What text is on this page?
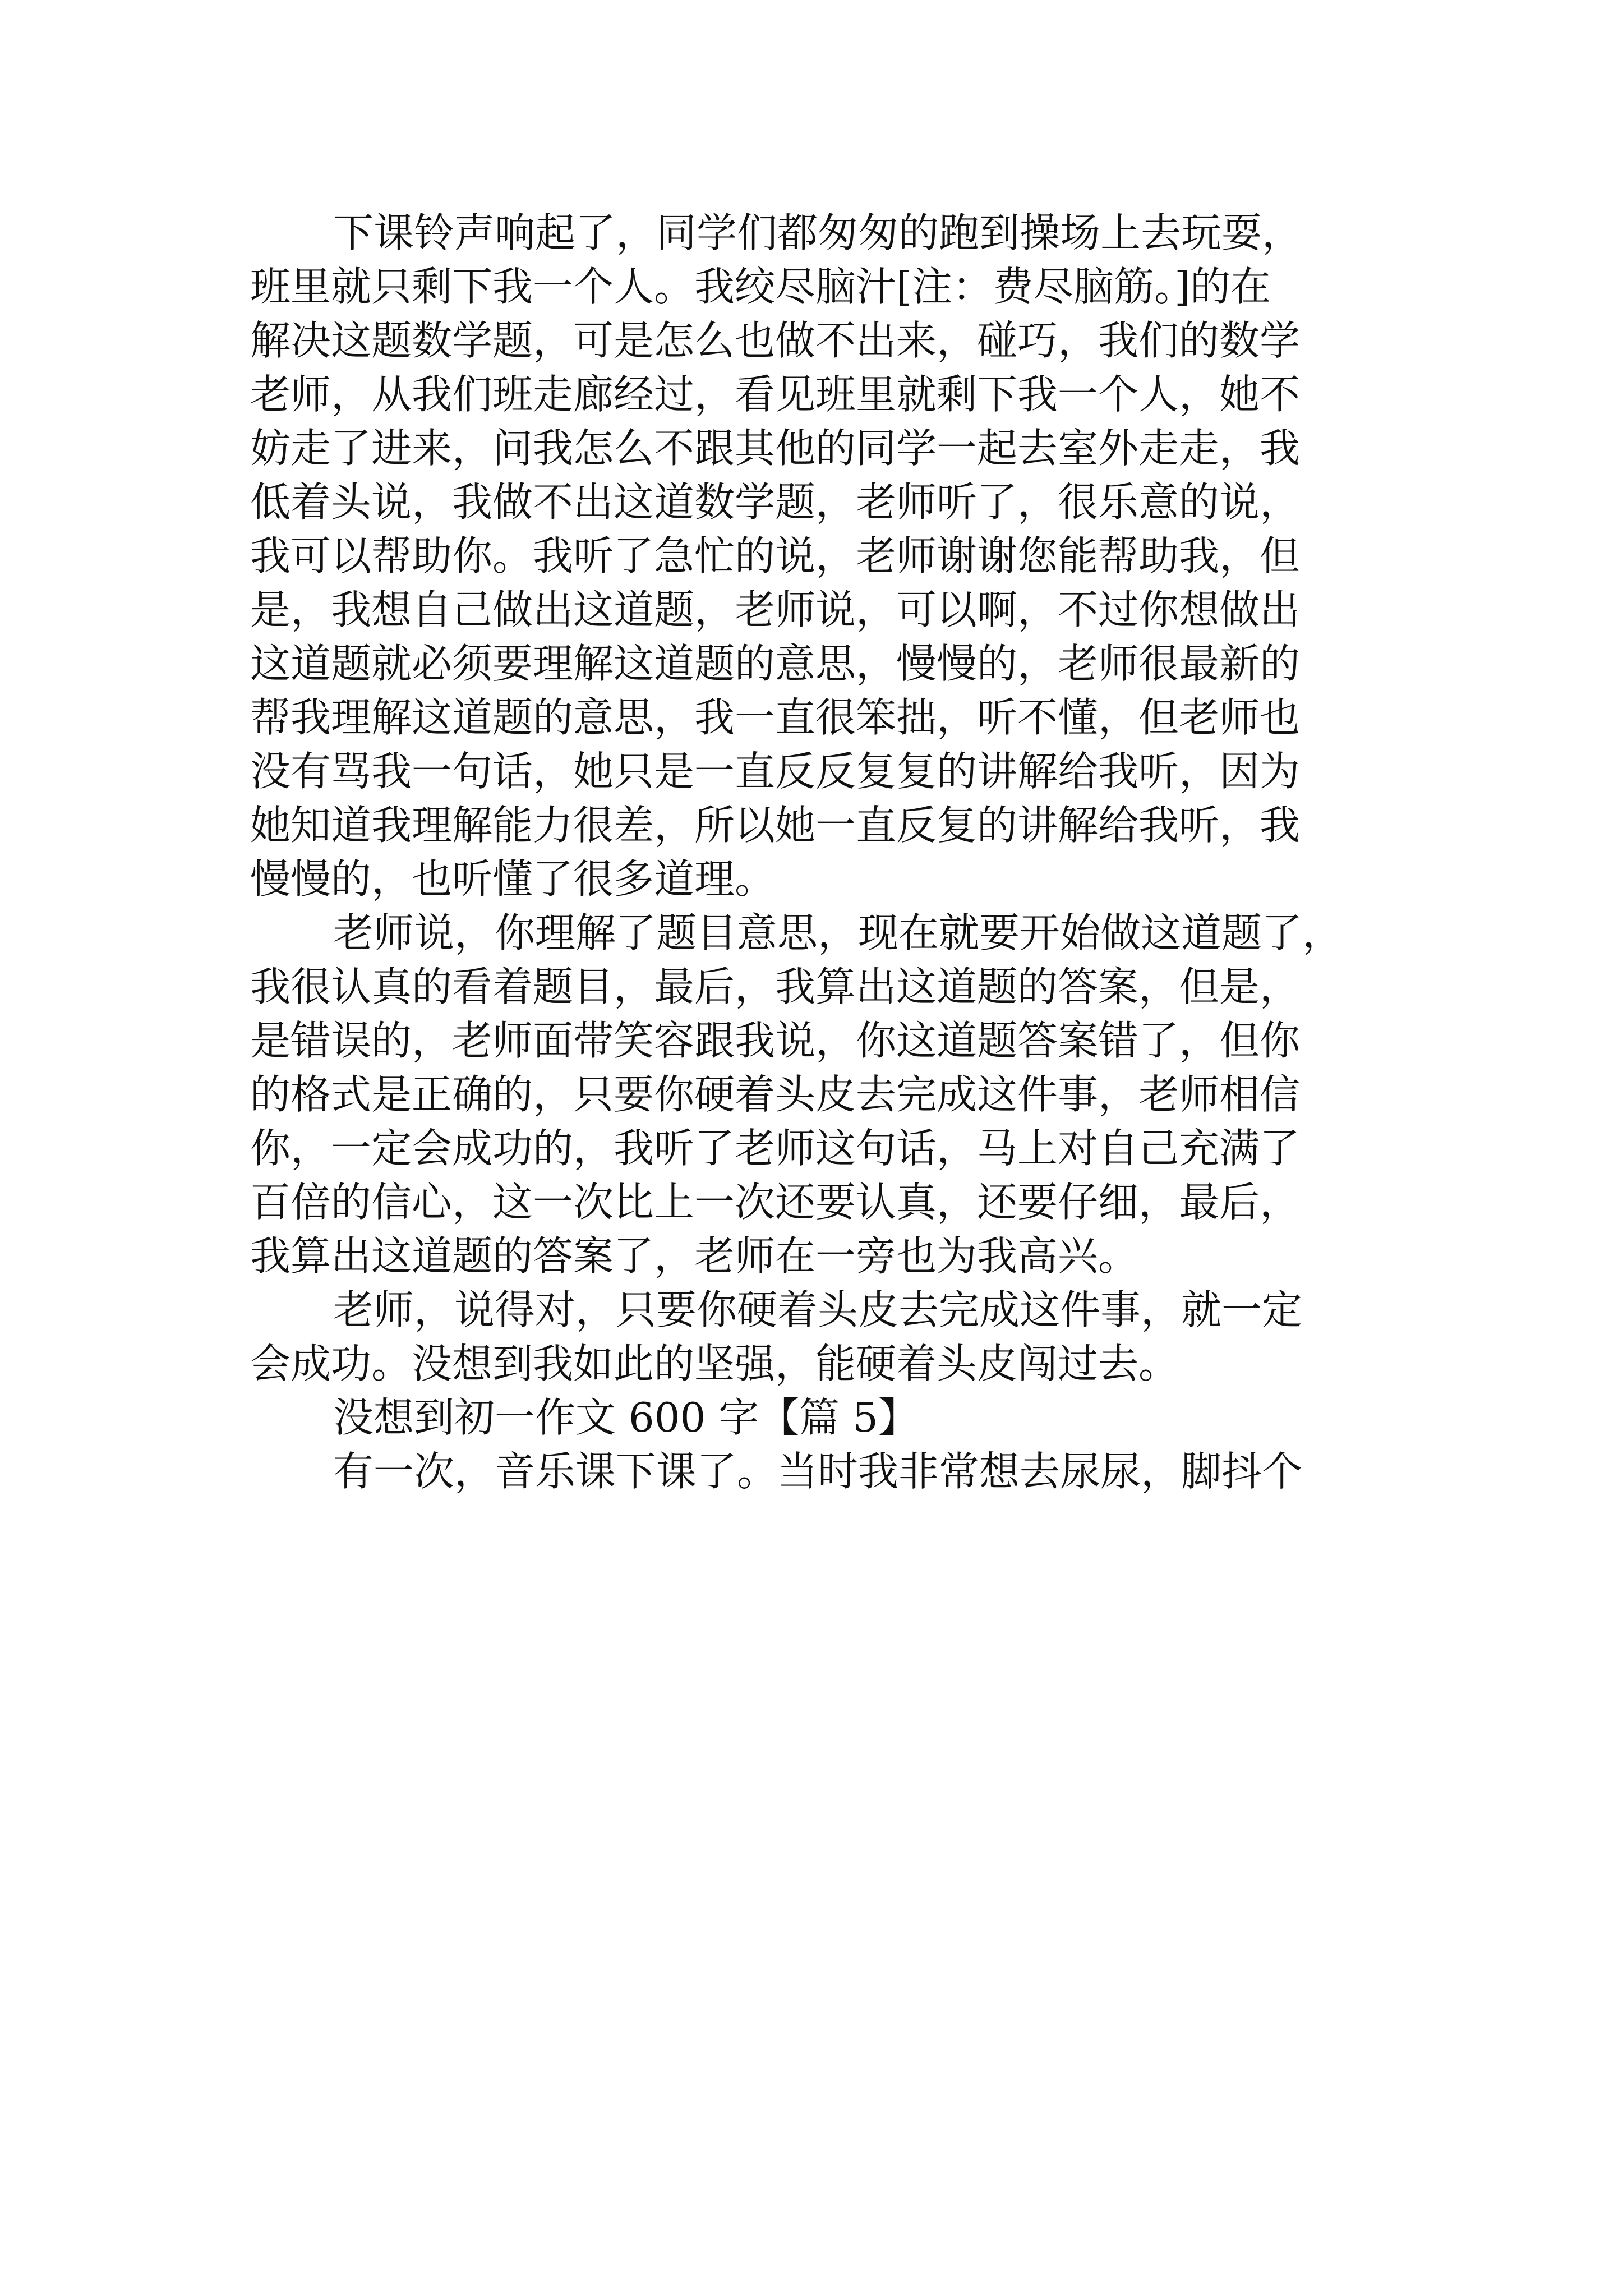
下课铃声响起了，同学们都匆匆的跑到操场上去玩耍，
班里就只剩下我一个人。我绞尽脑汁[注：费尽脑筋。]的在
解决这题数学题，可是怎么也做不出来，碰巧，我们的数学
老师，从我们班走廊经过，看见班里就剩下我一个人，她不
妨走了进来，问我怎么不跟其他的同学一起去室外走走，我
低着头说，我做不出这道数学题，老师听了，很乐意的说，
我可以帮助你。我听了急忙的说，老师谢谢您能帮助我，但
是，我想自己做出这道题，老师说，可以啊，不过你想做出
这道题就必须要理解这道题的意思，慢慢的，老师很最新的
帮我理解这道题的意思，我一直很笨拙，听不懂，但老师也
没有骂我一句话，她只是一直反反复复的讲解给我听，因为
她知道我理解能力很差，所以她一直反复的讲解给我听，我
慢慢的，也听懂了很多道理。
老师说，你理解了题目意思，现在就要开始做这道题了，
我很认真的看着题目，最后，我算出这道题的答案，但是，
是错误的，老师面带笑容跟我说，你这道题答案错了，但你
的格式是正确的，只要你硬着头皮去完成这件事，老师相信
你，一定会成功的，我听了老师这句话，马上对自己充满了
百倍的信心，这一次比上一次还要认真，还要仔细，最后，
我算出这道题的答案了，老师在一旁也为我高兴。
老师，说得对，只要你硬着头皮去完成这件事，就一定
会成功。没想到我如此的坚强，能硬着头皮闯过去。
没想到初一作文 600 字【篇 5】
有一次，音乐课下课了。当时我非常想去尿尿，脚抖个
